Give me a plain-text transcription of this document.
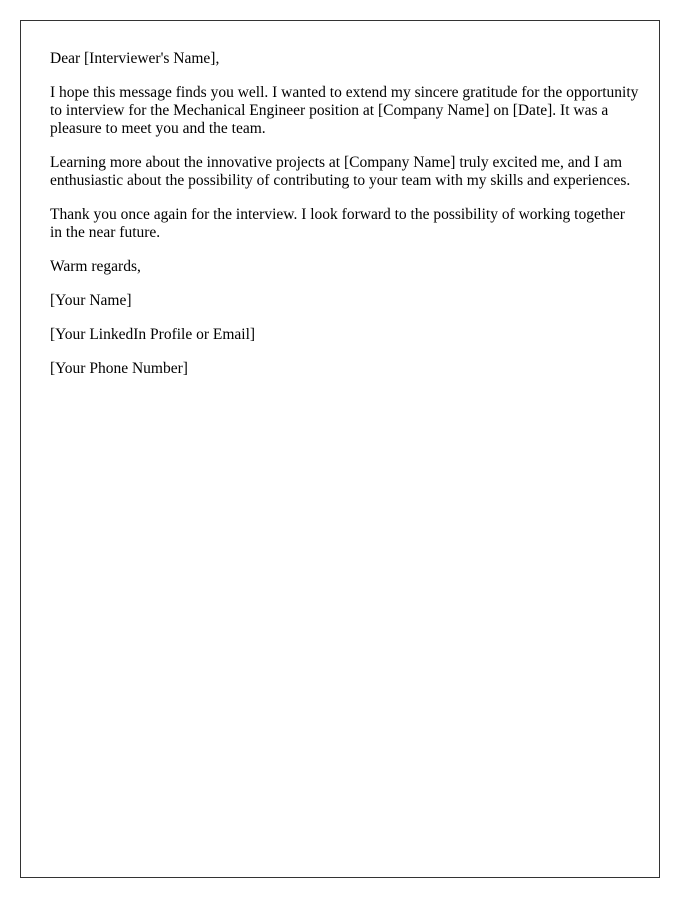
Dear [Interviewer's Name],

I hope this message finds you well. I wanted to extend my sincere gratitude for the opportunity to interview for the Mechanical Engineer position at [Company Name] on [Date]. It was a pleasure to meet you and the team.

Learning more about the innovative projects at [Company Name] truly excited me, and I am enthusiastic about the possibility of contributing to your team with my skills and experiences.

Thank you once again for the interview. I look forward to the possibility of working together in the near future.

Warm regards,

[Your Name]

[Your LinkedIn Profile or Email]

[Your Phone Number]
